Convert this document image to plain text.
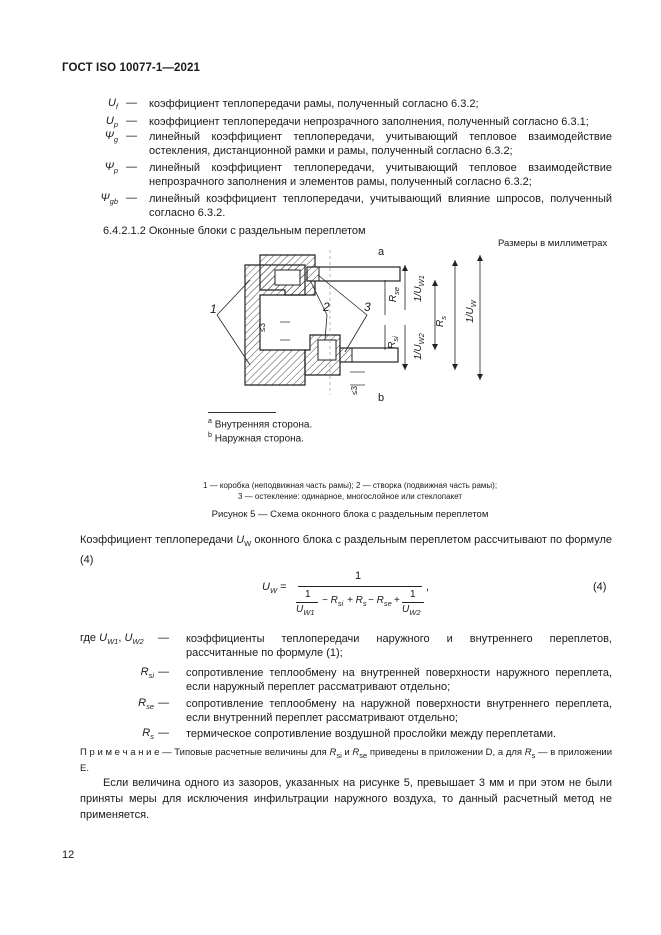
ГОСТ ISO 10077-1—2021
$U_f$ — коэффициент теплопередачи рамы, полученный согласно 6.3.2;
$U_p$ — коэффициент теплопередачи непрозрачного заполнения, полученный согласно 6.3.1;
$\Psi_g$ — линейный коэффициент теплопередачи, учитывающий тепловое взаимодействие остекления, дистанционной рамки и рамы, полученный согласно 6.3.2;
$\Psi_p$ — линейный коэффициент теплопередачи, учитывающий тепловое взаимодействие непрозрачного заполнения и элементов рамы, полученный согласно 6.3.2;
$\Psi_{gb}$ — линейный коэффициент теплопередачи, учитывающий влияние шпросов, полученный согласно 6.3.2.
6.4.2.1.2 Оконные блоки с раздельным переплетом
Размеры в миллиметрах
a
b
1	2	3
≤3
≤3
$R_{se}$
$R_{si}$
$1/U_{W1}$
$1/U_{W2}$
$R_s$ $1/U_W$
$^a$ Внутренняя сторона.
$^b$ Наружная сторона.
1 — коробка (неподвижная часть рамы); 2 — створка (подвижная часть рамы);
3 — остекление: одинарное, многослойное или стеклопакет
Рисунок 5 — Схема оконного блока с раздельным переплетом
Коэффициент теплопередачи $U_W$ оконного блока с раздельным переплетом рассчитывают по формуле (4)
$U_W$ =
1
1
$U_{W1}$
− $R_{si} + R_s - R_{se}$ +
1
$U_{W2}$
,	(4)
где $U_{W1}$, $U_{W2}$	— коэффициенты теплопередачи наружного и внутреннего переплетов, рассчитанные по формуле (1);
$R_{si}$ — сопротивление теплообмену на внутренней поверхности наружного переплета, если наружный переплет рассматривают отдельно;
$R_{se}$ — сопротивление теплообмену на наружной поверхности внутреннего переплета, если внутренний переплет рассматривают отдельно;
$R_s$ — термическое сопротивление воздушной прослойки между переплетами.
П р и м е ч а н и е — Типовые расчетные величины для $R_{si}$ и $R_{se}$ приведены в приложении D, а для $R_s$ — в приложении E.
Если величина одного из зазоров, указанных на рисунке 5, превышает 3 мм и при этом не были приняты меры для исключения инфильтрации наружного воздуха, то данный расчетный метод не применяется.
12
